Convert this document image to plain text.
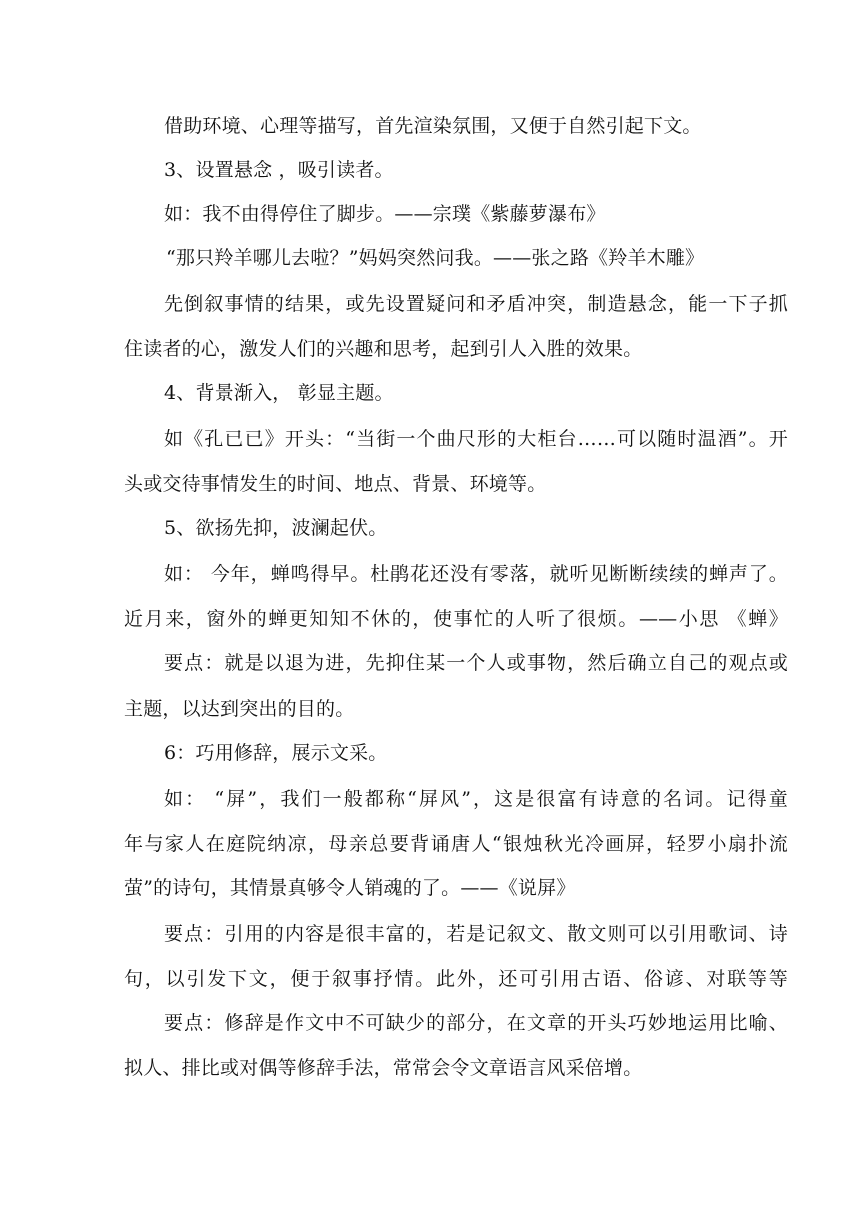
借助环境、心理等描写，首先渲染氛围，又便于自然引起下文。
3、设置悬念 ，吸引读者。
如：我不由得停住了脚步。——宗璞《紫藤萝瀑布》
“那只羚羊哪儿去啦？”妈妈突然问我。——张之路《羚羊木雕》
先倒叙事情的结果，或先设置疑问和矛盾冲突，制造悬念，能一下子抓
住读者的心，激发人们的兴趣和思考，起到引人入胜的效果。
4、背景渐入， 彰显主题。
如《孔已已》开头：“当街一个曲尺形的大柜台……可以随时温酒”。开
头或交待事情发生的时间、地点、背景、环境等。
5、欲扬先抑，波澜起伏。
如： 今年，蝉鸣得早。杜鹃花还没有零落，就听见断断续续的蝉声了。
近月来，窗外的蝉更知知不休的，使事忙的人听了很烦。——小思 《蝉》
要点：就是以退为进，先抑住某一个人或事物，然后确立自己的观点或
主题，以达到突出的目的。
6：巧用修辞，展示文采。
如： “屏”，我们一般都称“屏风”，这是很富有诗意的名词。记得童
年与家人在庭院纳凉，母亲总要背诵唐人“银烛秋光冷画屏，轻罗小扇扑流
萤”的诗句，其情景真够令人销魂的了。——《说屏》
要点：引用的内容是很丰富的，若是记叙文、散文则可以引用歌词、诗
句，以引发下文，便于叙事抒情。此外，还可引用古语、俗谚、对联等等
要点：修辞是作文中不可缺少的部分，在文章的开头巧妙地运用比喻、
拟人、排比或对偶等修辞手法，常常会令文章语言风采倍增。
